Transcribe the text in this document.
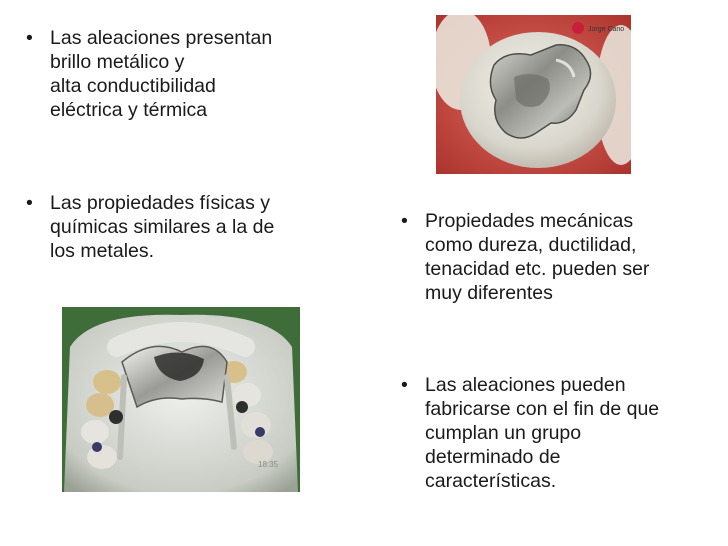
• Las aleaciones presentan
brillo metálico y
alta conductibilidad
eléctrica y térmica
• Las propiedades físicas y
químicas similares a la de
los metales.
• Propiedades mecánicas
como dureza, ductilidad,
tenacidad etc. pueden ser
muy diferentes
• Las aleaciones pueden
fabricarse con el fin de que
cumplan un grupo
determinado de
características.
Jorge Cano
18:35
